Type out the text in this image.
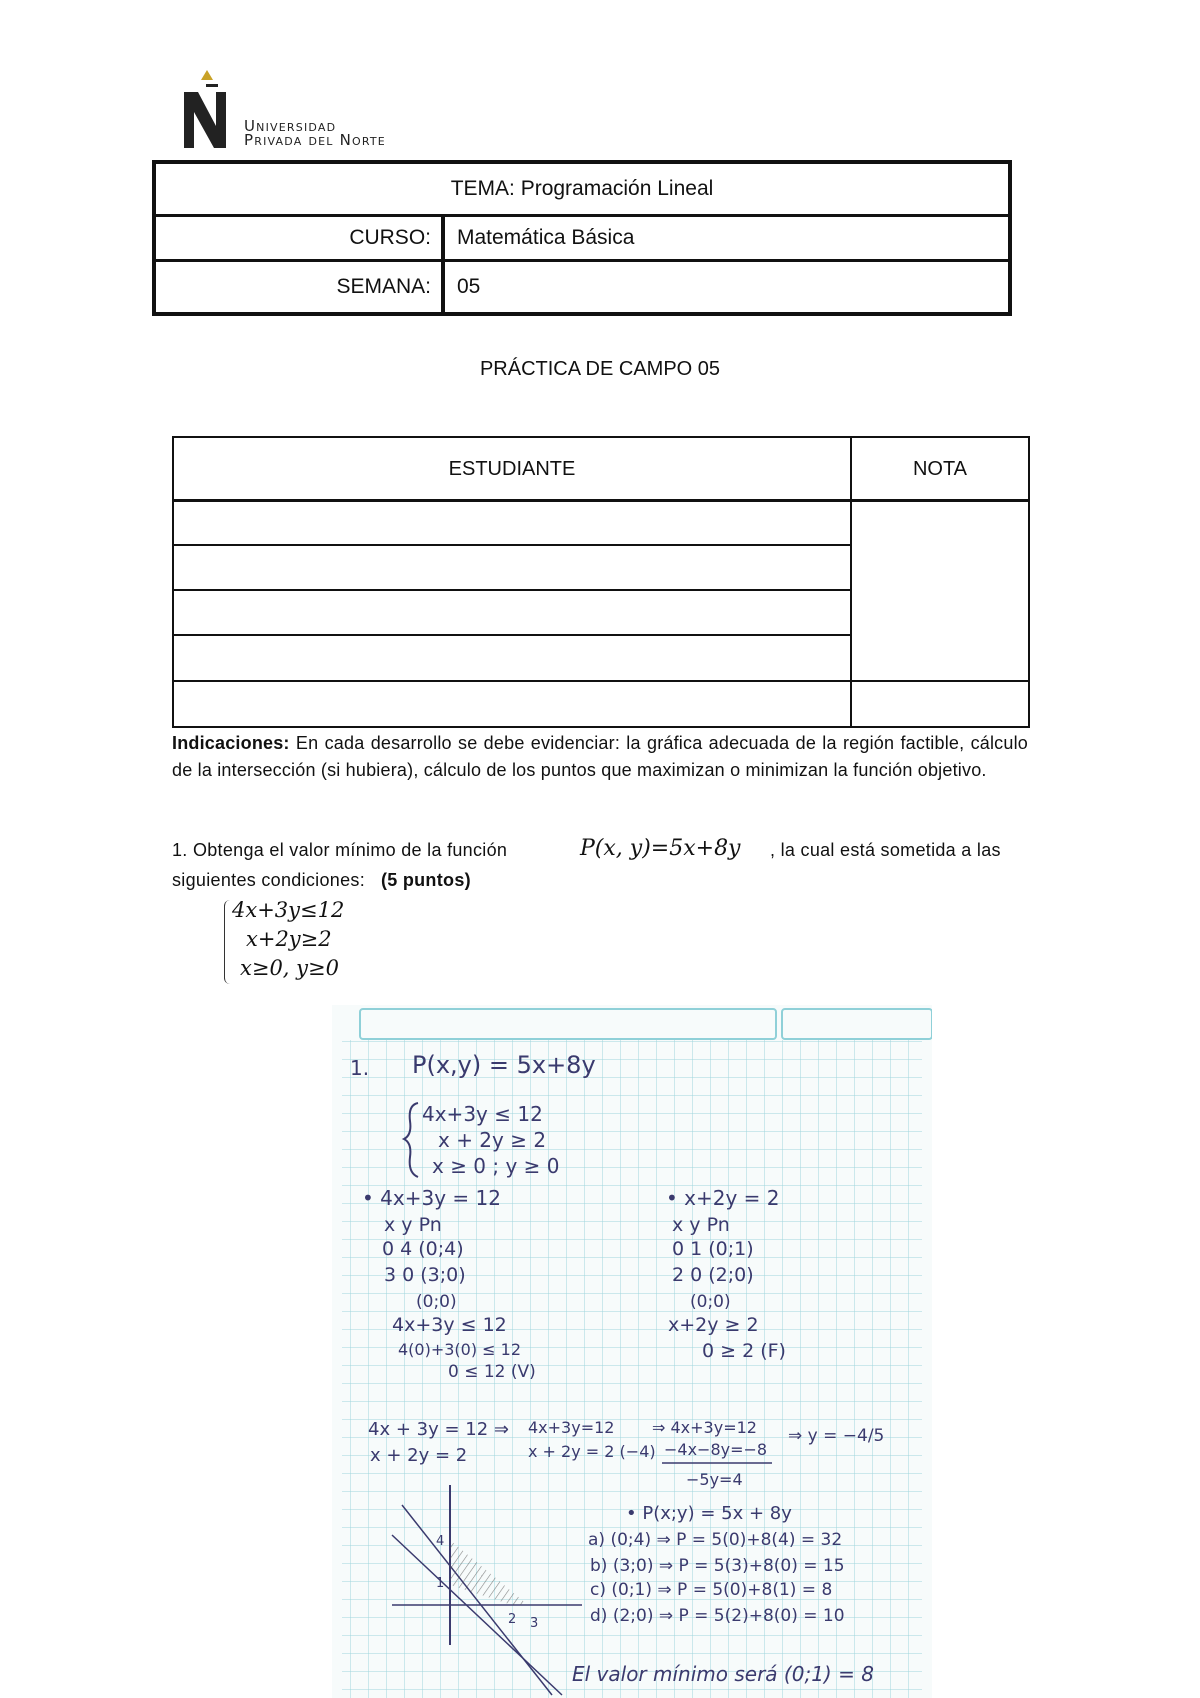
Universidad
Privada del Norte
TEMA: Programación Lineal
CURSO:	Matemática Básica
SEMANA:	05
PRÁCTICA DE CAMPO 05
ESTUDIANTE	NOTA
Indicaciones: En cada desarrollo se debe evidenciar: la gráfica adecuada de la región factible, cálculo de la intersección (si hubiera), cálculo de los puntos que maximizan o minimizan la función objetivo.
1. Obtenga el valor mínimo de la función	P(x, y)=5x+8y , la cual está sometida a las
siguientes condiciones: (5 puntos)
4x+3y≤12
x+2y≥2
x≥0, y≥0
1. P(x,y) = 5x+8y
4x+3y ≤ 12
x + 2y ≥ 2
x ≥ 0 ; y ≥ 0
• 4x+3y = 12
x y Pn
0 4 (0;4)
3 0 (3;0)
(0;0)
4x+3y ≤ 12
4(0)+3(0) ≤ 12
0 ≤ 12 (V)
• x+2y = 2
x y Pn
0 1 (0;1)
2 0 (2;0)
(0;0)
x+2y ≥ 2
0 ≥ 2 (F)
4x + 3y = 12 ⇒
x + 2y = 2
4x+3y=12
x + 2y = 2 (−4)
⇒ 4x+3y=12
−4x−8y=−8
−5y=4
⇒ y = −4/5
• P(x;y) = 5x + 8y
a) (0;4) ⇒ P = 5(0)+8(4) = 32
b) (3;0) ⇒ P = 5(3)+8(0) = 15
c) (0;1) ⇒ P = 5(0)+8(1) = 8
d) (2;0) ⇒ P = 5(2)+8(0) = 10
4
1
2 3
El valor mínimo será (0;1) = 8
